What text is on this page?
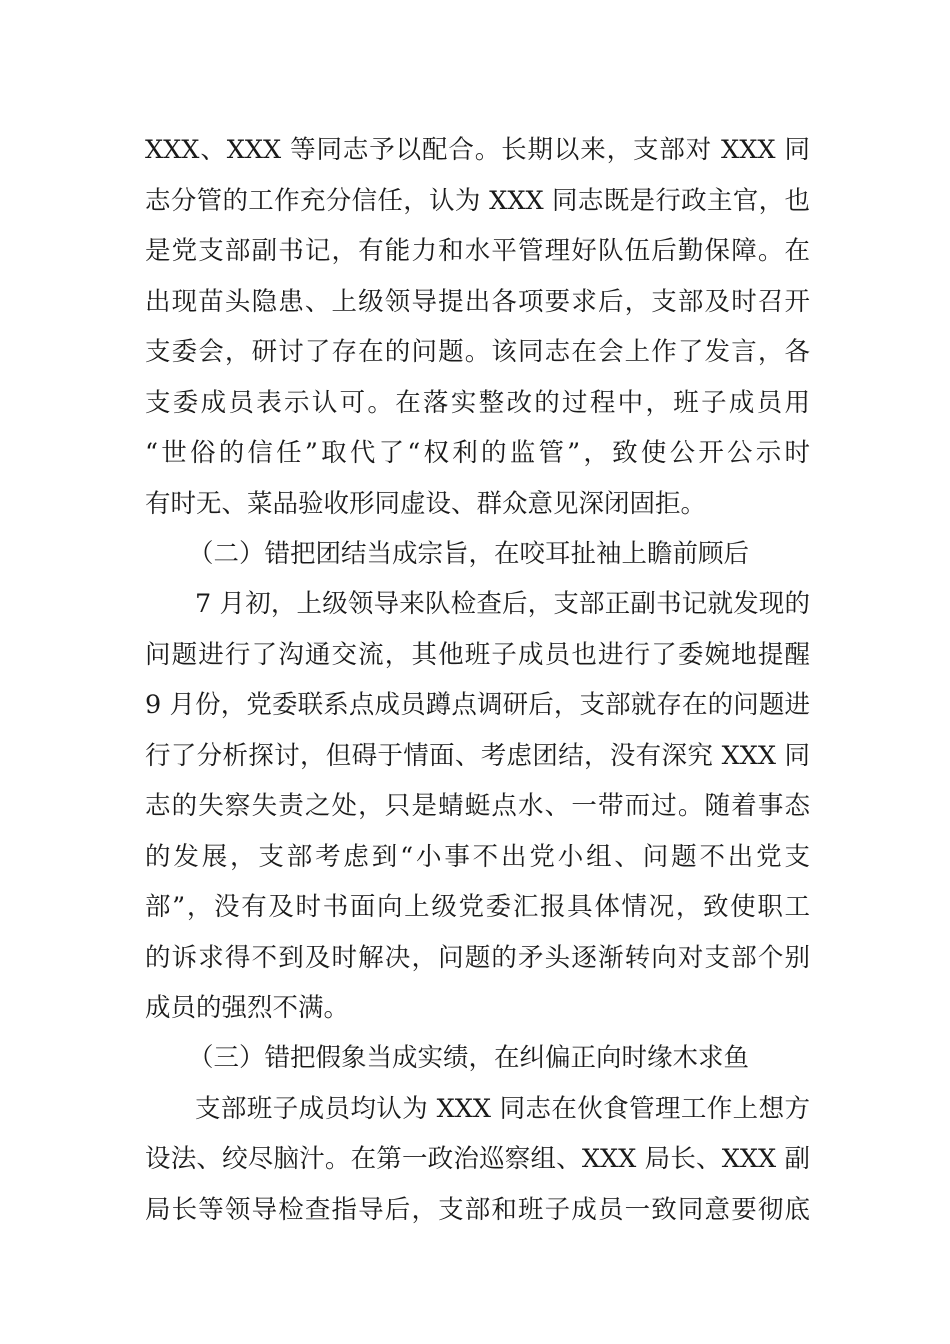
XXX、XXX 等同志予以配合。长期以来，支部对 XXX 同
志分管的工作充分信任，认为 XXX 同志既是行政主官，也
是党支部副书记，有能力和水平管理好队伍后勤保障。在
出现苗头隐患、上级领导提出各项要求后，支部及时召开
支委会，研讨了存在的问题。该同志在会上作了发言，各
支委成员表示认可。在落实整改的过程中，班子成员用
“世俗的信任”取代了“权利的监管”，致使公开公示时
有时无、菜品验收形同虚设、群众意见深闭固拒。
（二）错把团结当成宗旨，在咬耳扯袖上瞻前顾后
7 月初，上级领导来队检查后，支部正副书记就发现的
问题进行了沟通交流，其他班子成员也进行了委婉地提醒
9 月份，党委联系点成员蹲点调研后，支部就存在的问题进
行了分析探讨，但碍于情面、考虑团结，没有深究 XXX 同
志的失察失责之处，只是蜻蜓点水、一带而过。随着事态
的发展，支部考虑到“小事不出党小组、问题不出党支
部”，没有及时书面向上级党委汇报具体情况，致使职工
的诉求得不到及时解决，问题的矛头逐渐转向对支部个别
成员的强烈不满。
（三）错把假象当成实绩，在纠偏正向时缘木求鱼
支部班子成员均认为 XXX 同志在伙食管理工作上想方
设法、绞尽脑汁。在第一政治巡察组、XXX 局长、XXX 副
局长等领导检查指导后，支部和班子成员一致同意要彻底
